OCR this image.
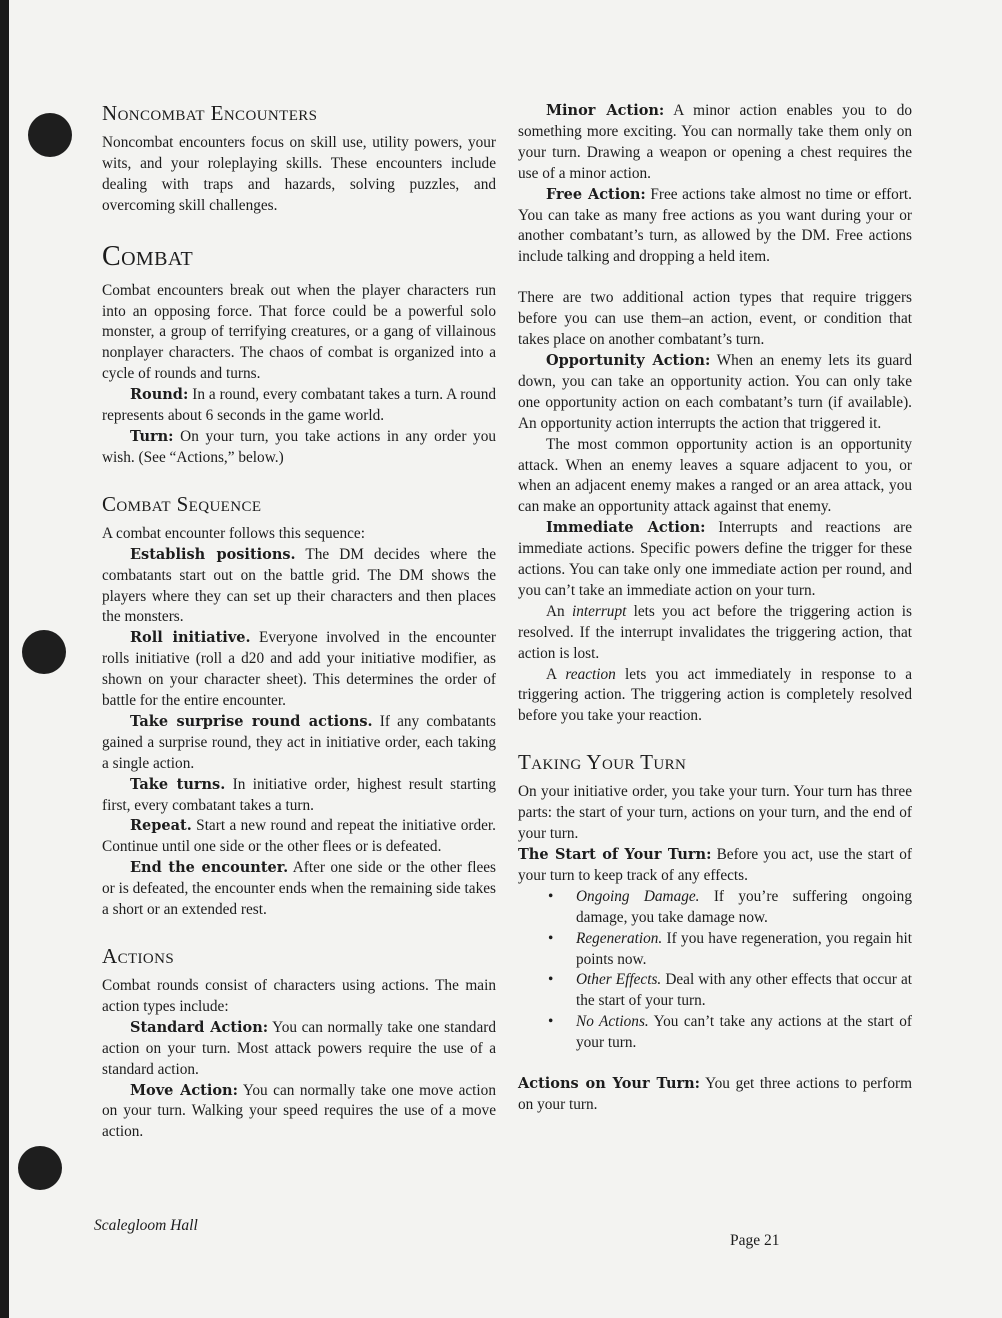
Noncombat Encounters

Noncombat encounters focus on skill use, utility powers, your wits, and your roleplaying skills. These encounters include dealing with traps and hazards, solving puzzles, and overcoming skill challenges.

Combat

Combat encounters break out when the player characters run into an opposing force. That force could be a powerful solo monster, a group of terrifying creatures, or a gang of villainous nonplayer characters. The chaos of combat is organized into a cycle of rounds and turns.

Round: In a round, every combatant takes a turn. A round represents about 6 seconds in the game world.

Turn: On your turn, you take actions in any order you wish. (See “Actions,” below.)

Combat Sequence

A combat encounter follows this sequence:

Establish positions. The DM decides where the combatants start out on the battle grid. The DM shows the players where they can set up their characters and then places the monsters.

Roll initiative. Everyone involved in the encounter rolls initiative (roll a d20 and add your initiative modifier, as shown on your character sheet). This determines the order of battle for the entire encounter.

Take surprise round actions. If any combatants gained a surprise round, they act in initiative order, each taking a single action.

Take turns. In initiative order, highest result starting first, every combatant takes a turn.

Repeat. Start a new round and repeat the initiative order. Continue until one side or the other flees or is defeated.

End the encounter. After one side or the other flees or is defeated, the encounter ends when the remaining side takes a short or an extended rest.

Actions

Combat rounds consist of characters using actions. The main action types include:

Standard Action: You can normally take one standard action on your turn. Most attack powers require the use of a standard action.

Move Action: You can normally take one move action on your turn. Walking your speed requires the use of a move action.

Minor Action: A minor action enables you to do something more exciting. You can normally take them only on your turn. Drawing a weapon or opening a chest requires the use of a minor action.

Free Action: Free actions take almost no time or effort. You can take as many free actions as you want during your or another combatant’s turn, as allowed by the DM. Free actions include talking and dropping a held item.

There are two additional action types that require triggers before you can use them–an action, event, or condition that takes place on another combatant’s turn.

Opportunity Action: When an enemy lets its guard down, you can take an opportunity action. You can only take one opportunity action on each combatant’s turn (if available). An opportunity action interrupts the action that triggered it.

The most common opportunity action is an opportunity attack. When an enemy leaves a square adjacent to you, or when an adjacent enemy makes a ranged or an area attack, you can make an opportunity attack against that enemy.

Immediate Action: Interrupts and reactions are immediate actions. Specific powers define the trigger for these actions. You can take only one immediate action per round, and you can’t take an immediate action on your turn.

An interrupt lets you act before the triggering action is resolved. If the interrupt invalidates the triggering action, that action is lost.

A reaction lets you act immediately in response to a triggering action. The triggering action is completely resolved before you take your reaction.

Taking Your Turn

On your initiative order, you take your turn. Your turn has three parts: the start of your turn, actions on your turn, and the end of your turn.

The Start of Your Turn: Before you act, use the start of your turn to keep track of any effects.

• Ongoing Damage. If you’re suffering ongoing damage, you take damage now.
• Regeneration. If you have regeneration, you regain hit points now.
• Other Effects. Deal with any other effects that occur at the start of your turn.
• No Actions. You can’t take any actions at the start of your turn.

Actions on Your Turn: You get three actions to perform on your turn.

Scalegloom Hall
Page 21
